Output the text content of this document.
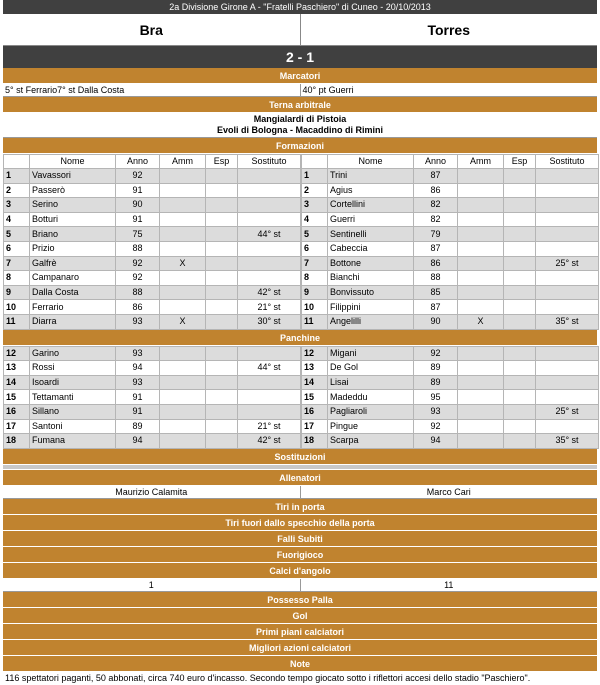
2a Divisione Girone A - "Fratelli Paschiero" di Cuneo - 20/10/2013
Bra	Torres
2 - 1
Marcatori
5° st Ferrario7° st Dalla Costa	40° pt Guerri
Terna arbitrale
Mangialardi di Pistoia
Evoli di Bologna - Macaddino di Rimini
Formazioni
	Nome	Anno	Amm	Esp	Sostituto
1	Vavassori	92			
2	Passerò	91			
3	Serino	90			
4	Botturi	91			
5	Briano	75			44° st
6	Prizio	88			
7	Galfrè	92	X		
8	Campanaro	92			
9	Dalla Costa	88			42° st
10	Ferrario	86			21° st
11	Diarra	93	X		30° st
	Nome	Anno	Amm	Esp	Sostituto
1	Trini	87			
2	Agius	86			
3	Cortellini	82			
4	Guerri	82			
5	Sentinelli	79			
6	Cabeccia	87			
7	Bottone	86			25° st
8	Bianchi	88			
9	Bonvissuto	85			
10	Filippini	87			
11	Angelilli	90	X		35° st
Panchine
12	Garino	93			
13	Rossi	94			44° st
14	Isoardi	93			
15	Tettamanti	91			
16	Sillano	91			
17	Santoni	89			21° st
18	Fumana	94			42° st
12	Migani	92			
13	De Gol	89			
14	Lisai	89			
15	Madeddu	95			
16	Pagliaroli	93			25° st
17	Pingue	92			
18	Scarpa	94			35° st
Sostituzioni
Allenatori
Maurizio Calamita	Marco Cari
Tiri in porta
Tiri fuori dallo specchio della porta
Falli Subiti
Fuorigioco
Calci d'angolo
1	11
Possesso Palla
Gol
Primi piani calciatori
Migliori azioni calciatori
Note
116 spettatori paganti, 50 abbonati, circa 740 euro d'incasso. Secondo tempo giocato sotto i riflettori accesi dello stadio "Paschiero".
